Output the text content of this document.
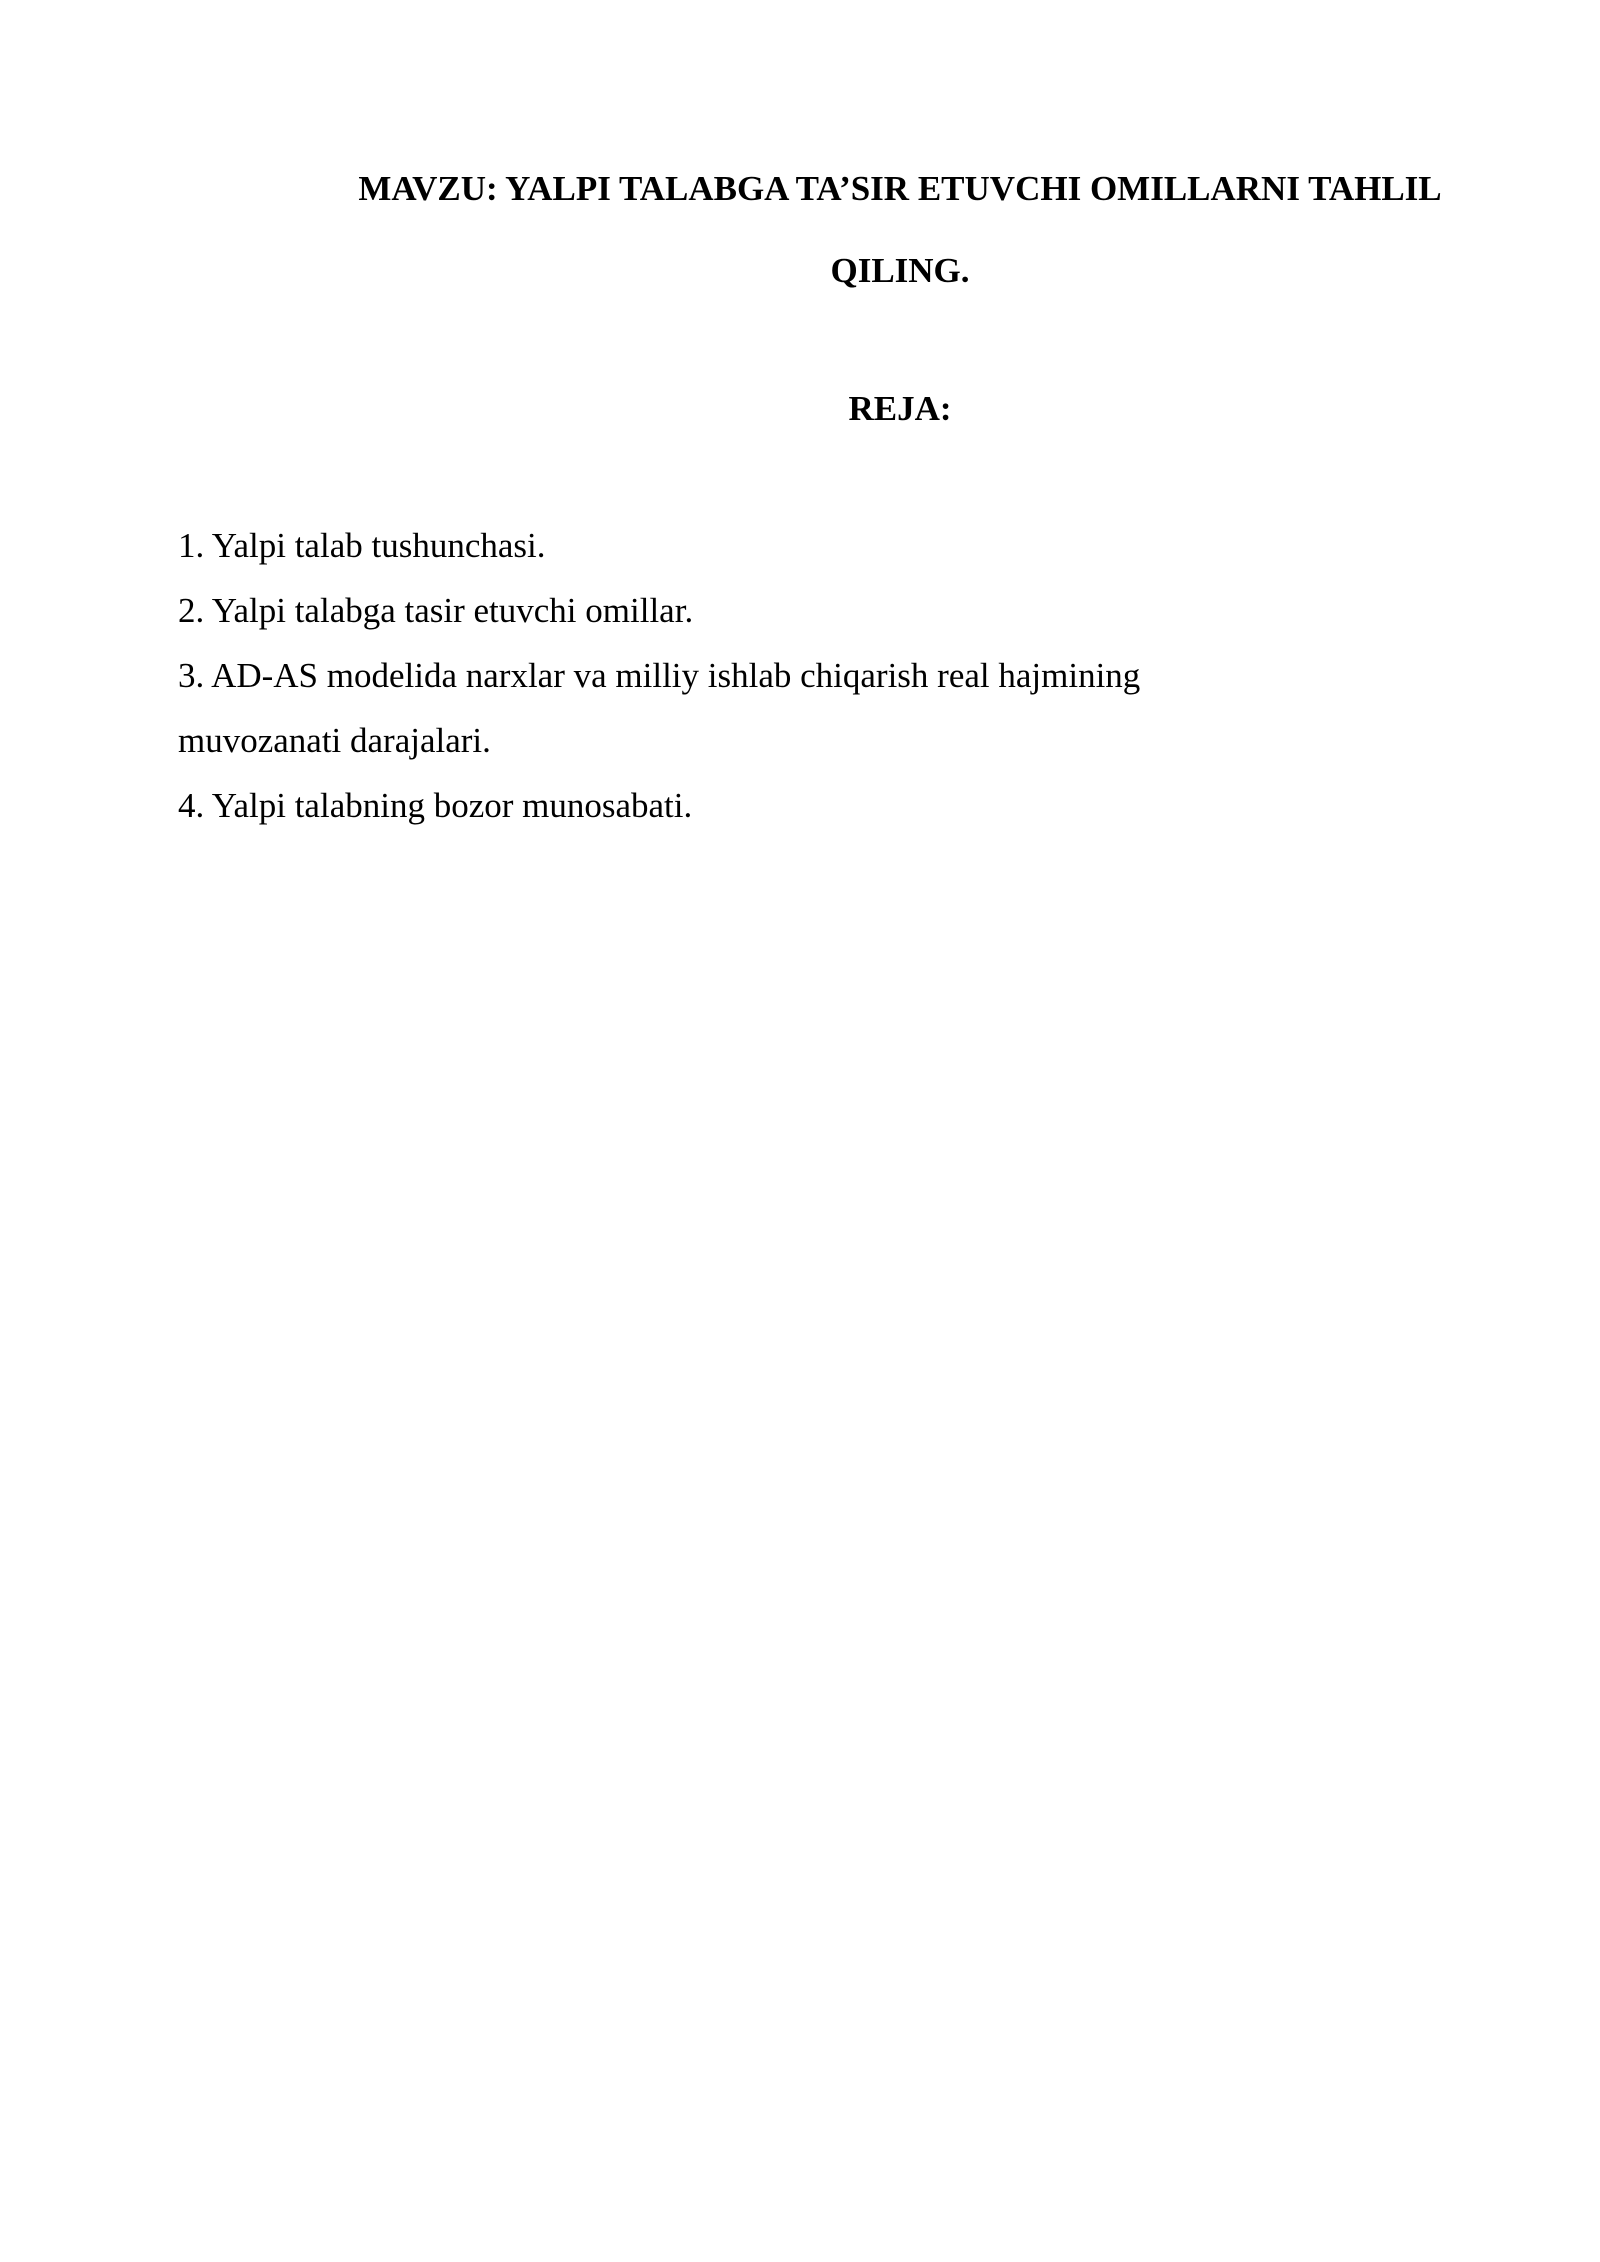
MAVZU: YALPI TALABGA TA’SIR ETUVCHI OMILLARNI TAHLIL
QILING.
REJA:
1. Yalpi talab tushunchasi.
2. Yalpi talabga tasir etuvchi omillar.
3. AD-AS modelida narxlar va milliy ishlab chiqarish real hajmining
muvozanati darajalari.
4. Yalpi talabning bozor munosabati.
